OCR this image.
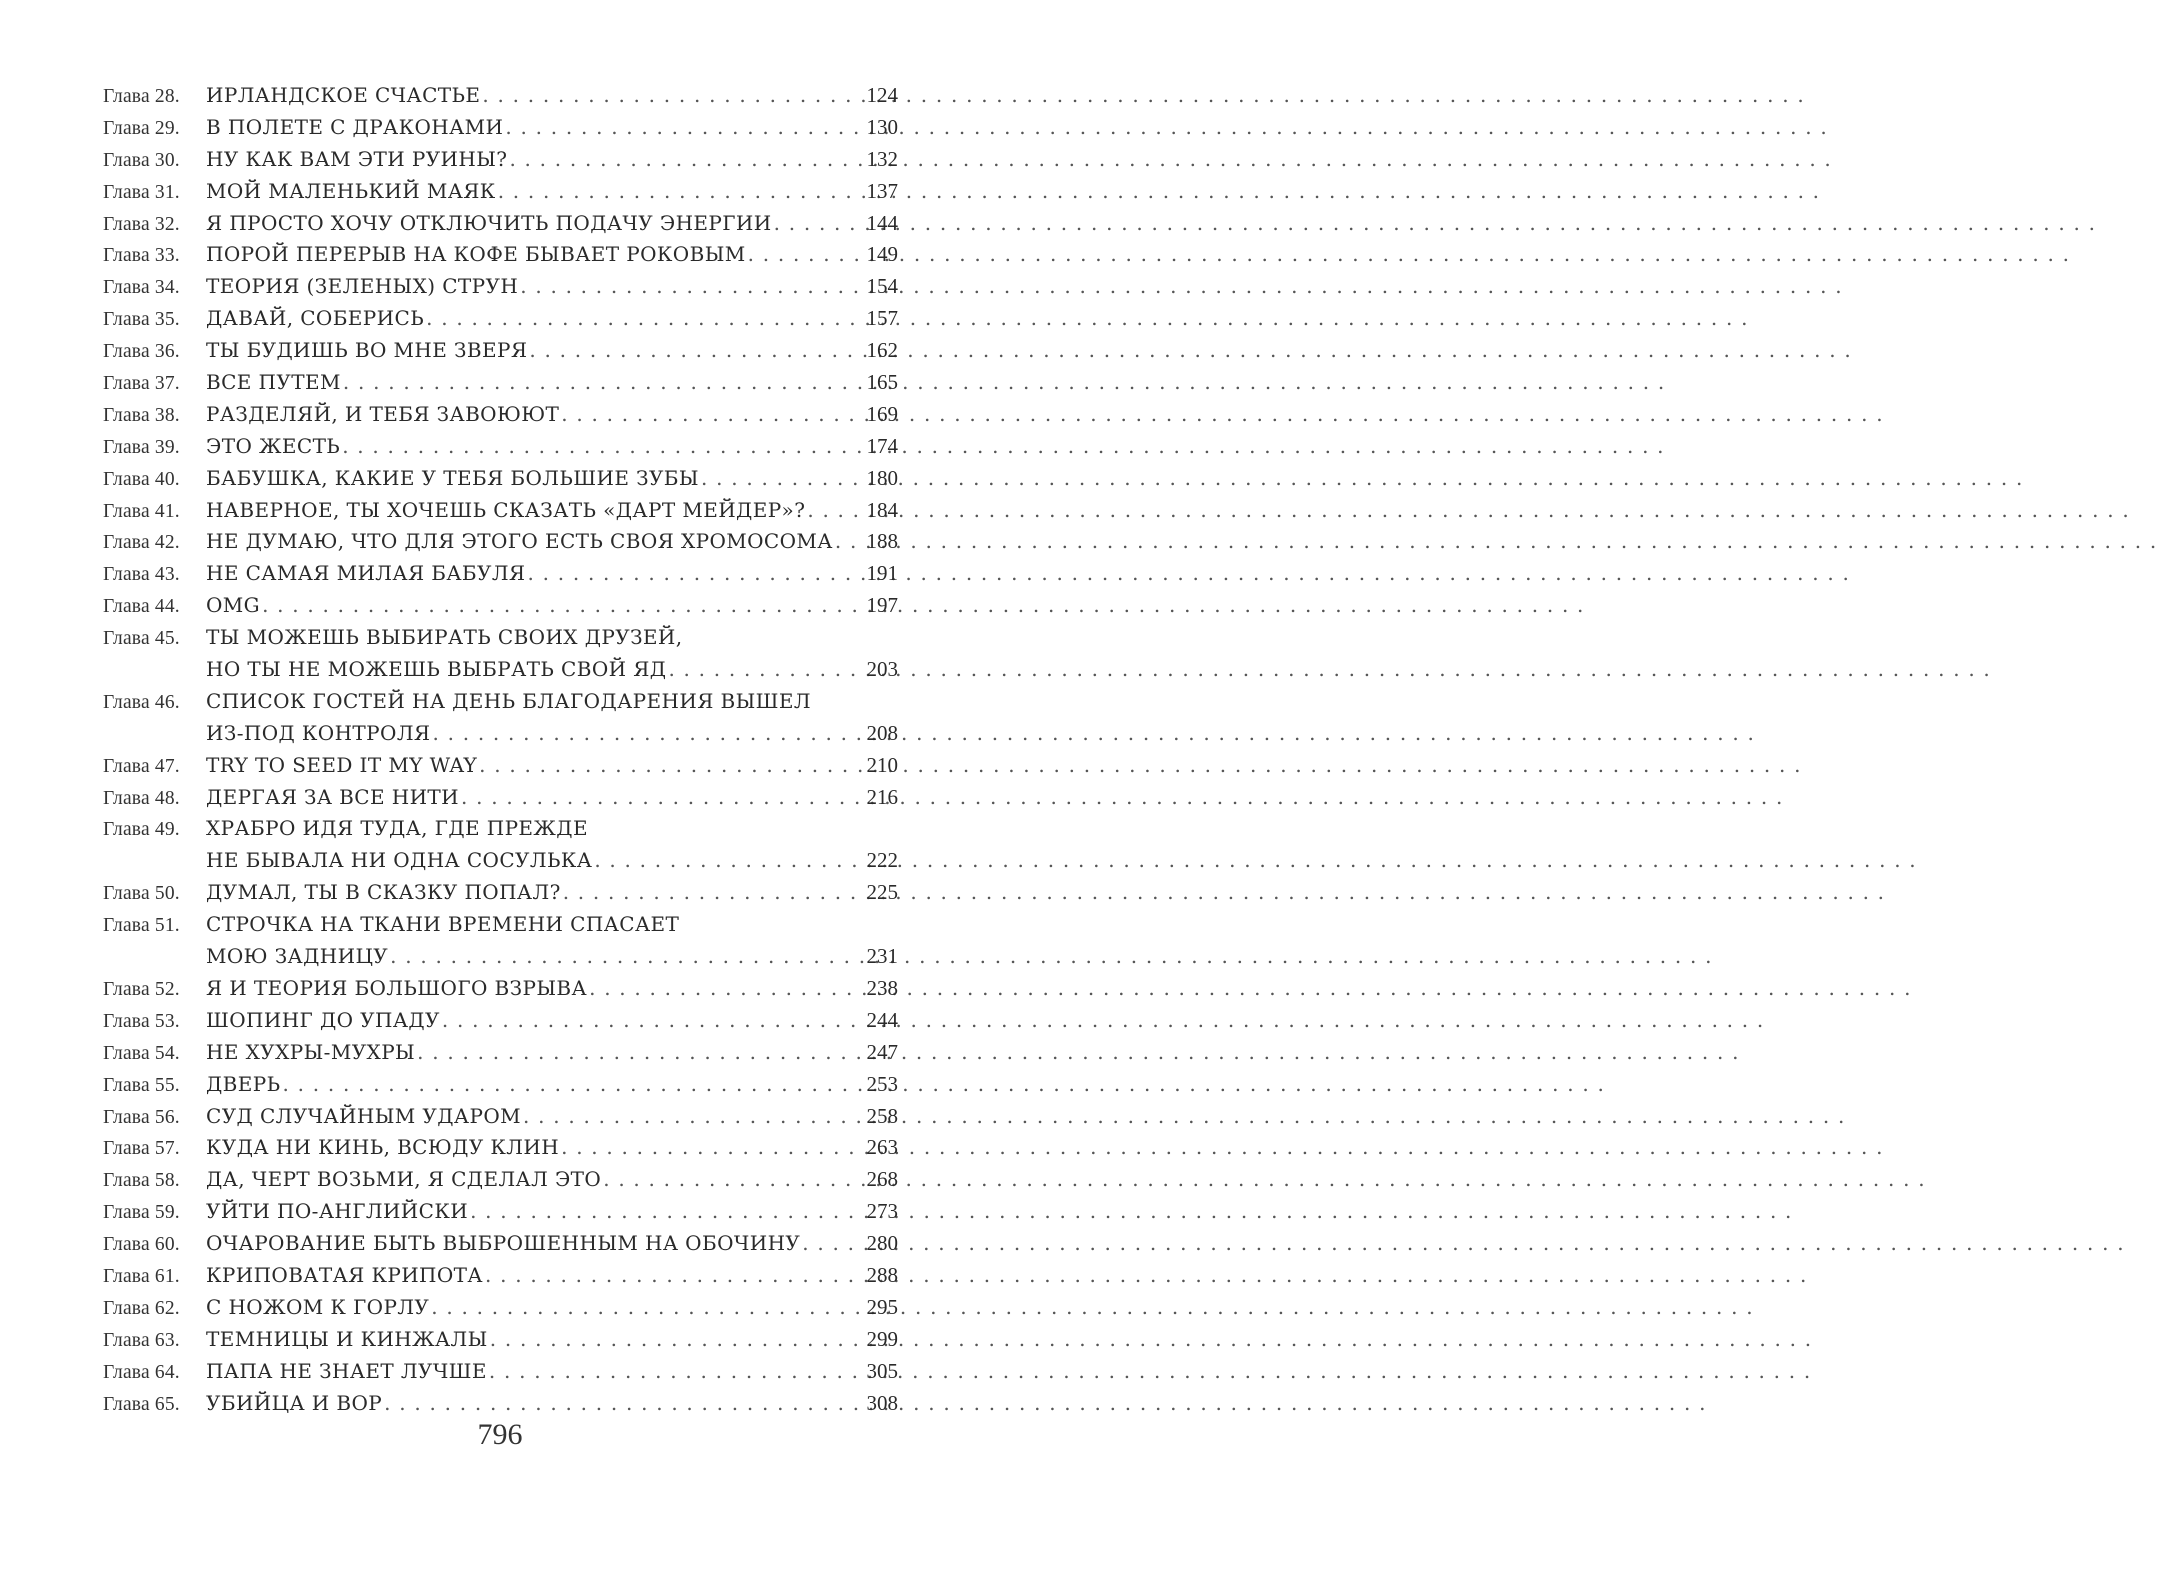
Глава 28.	ИРЛАНДСКОЕ СЧАСТЬЕ . . .	124
Глава 29.	В ПОЛЕТЕ С ДРАКОНАМИ . . .	130
Глава 30.	НУ КАК ВАМ ЭТИ РУИНЫ? . . .	132
Глава 31.	МОЙ МАЛЕНЬКИЙ МАЯК . . .	137
Глава 32.	Я ПРОСТО ХОЧУ ОТКЛЮЧИТЬ ПОДАЧУ ЭНЕРГИИ . . .	144
Глава 33.	ПОРОЙ ПЕРЕРЫВ НА КОФЕ БЫВАЕТ РОКОВЫМ . . .	149
Глава 34.	ТЕОРИЯ (ЗЕЛЕНЫХ) СТРУН . . .	154
Глава 35.	ДАВАЙ, СОБЕРИСЬ . . .	157
Глава 36.	ТЫ БУДИШЬ ВО МНЕ ЗВЕРЯ . . .	162
Глава 37.	ВСЕ ПУТЕМ . . .	165
Глава 38.	РАЗДЕЛЯЙ, И ТЕБЯ ЗАВОЮЮТ . . .	169
Глава 39.	ЭТО ЖЕСТЬ . . .	174
Глава 40.	БАБУШКА, КАКИЕ У ТЕБЯ БОЛЬШИЕ ЗУБЫ . . .	180
Глава 41.	НАВЕРНОЕ, ТЫ ХОЧЕШЬ СКАЗАТЬ «ДАРТ МЕЙДЕР»? . . .	184
Глава 42.	НЕ ДУМАЮ, ЧТО ДЛЯ ЭТОГО ЕСТЬ СВОЯ ХРОМОСОМА . . . 188
Глава 43.	НЕ САМАЯ МИЛАЯ БАБУЛЯ . . .	191
Глава 44.	OMG . . .	197
Глава 45.	ТЫ МОЖЕШЬ ВЫБИРАТЬ СВОИХ ДРУЗЕЙ,
НО ТЫ НЕ МОЖЕШЬ ВЫБРАТЬ СВОЙ ЯД . . .	203
Глава 46.	СПИСОК ГОСТЕЙ НА ДЕНЬ БЛАГОДАРЕНИЯ ВЫШЕЛ
ИЗ-ПОД КОНТРОЛЯ . . .	208
Глава 47.	TRY TO SEED IT MY WAY . . .	210
Глава 48.	ДЕРГАЯ ЗА ВСЕ НИТИ . . .	216
Глава 49.	ХРАБРО ИДЯ ТУДА, ГДЕ ПРЕЖДЕ
НЕ БЫВАЛА НИ ОДНА СОСУЛЬКА . . .	222
Глава 50.	ДУМАЛ, ТЫ В СКАЗКУ ПОПАЛ? . . .	225
Глава 51.	СТРОЧКА НА ТКАНИ ВРЕМЕНИ СПАСАЕТ
МОЮ ЗАДНИЦУ . . .	231
Глава 52.	Я И ТЕОРИЯ БОЛЬШОГО ВЗРЫВА . . .	238
Глава 53.	ШОПИНГ ДО УПАДУ . . .	244
Глава 54.	НЕ ХУХРЫ-МУХРЫ . . .	247
Глава 55.	ДВЕРЬ . . .	253
Глава 56.	СУД СЛУЧАЙНЫМ УДАРОМ . . .	258
Глава 57.	КУДА НИ КИНЬ, ВСЮДУ КЛИН . . .	263
Глава 58.	ДА, ЧЕРТ ВОЗЬМИ, Я СДЕЛАЛ ЭТО . . .	268
Глава 59.	УЙТИ ПО-АНГЛИЙСКИ . . .	273
Глава 60.	ОЧАРОВАНИЕ БЫТЬ ВЫБРОШЕННЫМ НА ОБОЧИНУ . . .	280
Глава 61.	КРИПОВАТАЯ КРИПОТА . . .	288
Глава 62.	С НОЖОМ К ГОРЛУ . . .	295
Глава 63.	ТЕМНИЦЫ И КИНЖАЛЫ . . .	299
Глава 64.	ПАПА НЕ ЗНАЕТ ЛУЧШЕ . . .	305
Глава 65.	УБИЙЦА И ВОР . . .	308
796
